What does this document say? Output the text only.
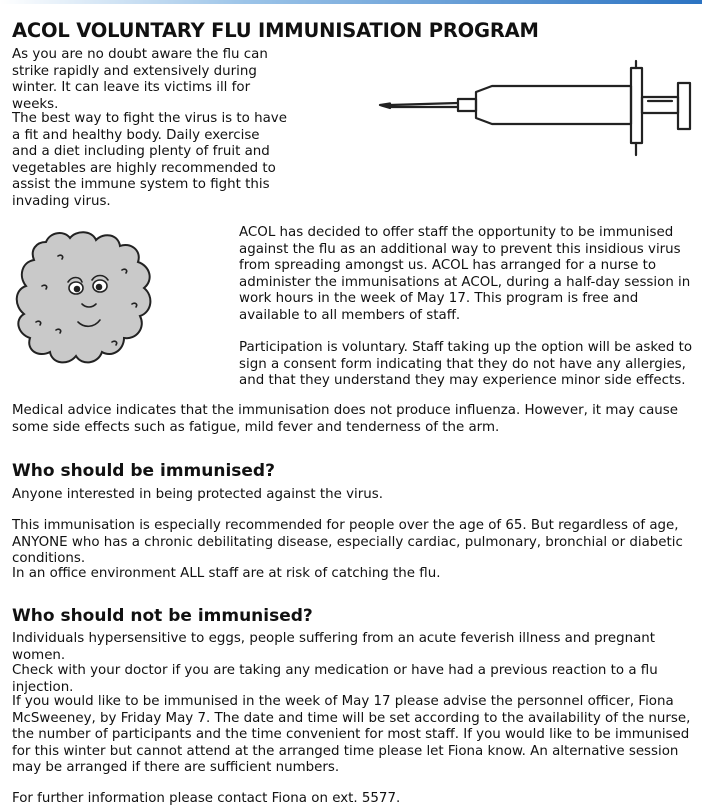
ACOL VOLUNTARY FLU IMMUNISATION PROGRAM

As you are no doubt aware the flu can strike rapidly and extensively during winter. It can leave its victims ill for weeks.

The best way to fight the virus is to have a fit and healthy body. Daily exercise and a diet including plenty of fruit and vegetables are highly recommended to assist the immune system to fight this invading virus.

ACOL has decided to offer staff the opportunity to be immunised against the flu as an additional way to prevent this insidious virus from spreading amongst us. ACOL has arranged for a nurse to administer the immunisations at ACOL, during a half-day session in work hours in the week of May 17. This program is free and available to all members of staff.

Participation is voluntary. Staff taking up the option will be asked to sign a consent form indicating that they do not have any allergies, and that they understand they may experience minor side effects.

Medical advice indicates that the immunisation does not produce influenza. However, it may cause some side effects such as fatigue, mild fever and tenderness of the arm.

Who should be immunised?

Anyone interested in being protected against the virus.

This immunisation is especially recommended for people over the age of 65. But regardless of age, ANYONE who has a chronic debilitating disease, especially cardiac, pulmonary, bronchial or diabetic conditions.

In an office environment ALL staff are at risk of catching the flu.

Who should not be immunised?

Individuals hypersensitive to eggs, people suffering from an acute feverish illness and pregnant women.

Check with your doctor if you are taking any medication or have had a previous reaction to a flu injection.

If you would like to be immunised in the week of May 17 please advise the personnel officer, Fiona McSweeney, by Friday May 7. The date and time will be set according to the availability of the nurse, the number of participants and the time convenient for most staff. If you would like to be immunised for this winter but cannot attend at the arranged time please let Fiona know. An alternative session may be arranged if there are sufficient numbers.

For further information please contact Fiona on ext. 5577.
